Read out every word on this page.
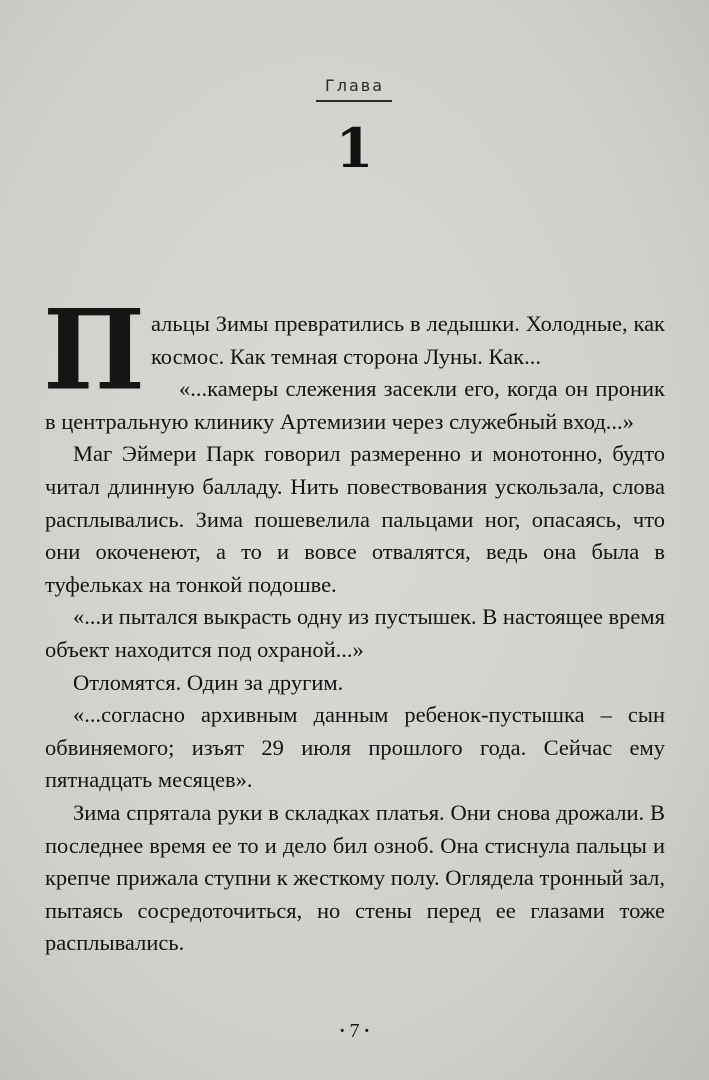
Глава
1

Пальцы Зимы превратились в ледышки. Холодные, как космос. Как темная сторона Луны. Как...

«...камеры слежения засекли его, когда он проник в центральную клинику Артемизии через служебный вход...»

Маг Эймери Парк говорил размеренно и монотонно, будто читал длинную балладу. Нить повествования ускользала, слова расплывались. Зима пошевелила пальцами ног, опасаясь, что они окоченеют, а то и вовсе отвалятся, ведь она была в туфельках на тонкой подошве.

«...и пытался выкрасть одну из пустышек. В настоящее время объект находится под охраной...»

Отломятся. Один за другим.

«...согласно архивным данным ребенок-пустышка – сын обвиняемого; изъят 29 июля прошлого года. Сейчас ему пятнадцать месяцев».

Зима спрятала руки в складках платья. Они снова дрожали. В последнее время ее то и дело бил озноб. Она стиснула пальцы и крепче прижала ступни к жесткому полу. Оглядела тронный зал, пытаясь сосредоточиться, но стены перед ее глазами тоже расплывались.

· 7 ·
